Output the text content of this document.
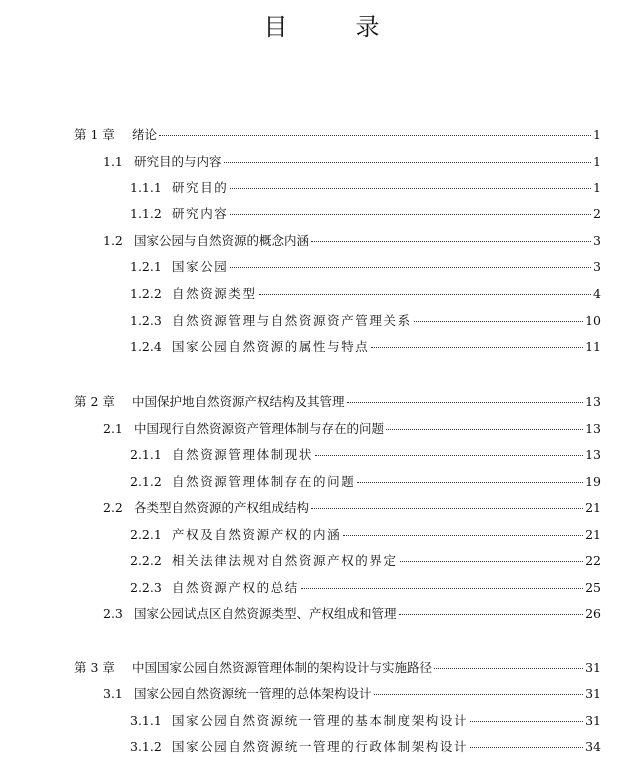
目　录
第 1 章	绪论	1
1.1 研究目的与内容	1
1.1.1 研究目的	1
1.1.2 研究内容	2
1.2 国家公园与自然资源的概念内涵	3
1.2.1 国家公园	3
1.2.2 自然资源类型	4
1.2.3 自然资源管理与自然资源资产管理关系	10
1.2.4 国家公园自然资源的属性与特点	11
第 2 章	中国保护地自然资源产权结构及其管理	13
2.1 中国现行自然资源资产管理体制与存在的问题	13
2.1.1 自然资源管理体制现状	13
2.1.2 自然资源管理体制存在的问题	19
2.2 各类型自然资源的产权组成结构	21
2.2.1 产权及自然资源产权的内涵	21
2.2.2 相关法律法规对自然资源产权的界定	22
2.2.3 自然资源产权的总结	25
2.3 国家公园试点区自然资源类型、产权组成和管理	26
第 3 章	中国国家公园自然资源管理体制的架构设计与实施路径	31
3.1 国家公园自然资源统一管理的总体架构设计	31
3.1.1 国家公园自然资源统一管理的基本制度架构设计	31
3.1.2 国家公园自然资源统一管理的行政体制架构设计	34
